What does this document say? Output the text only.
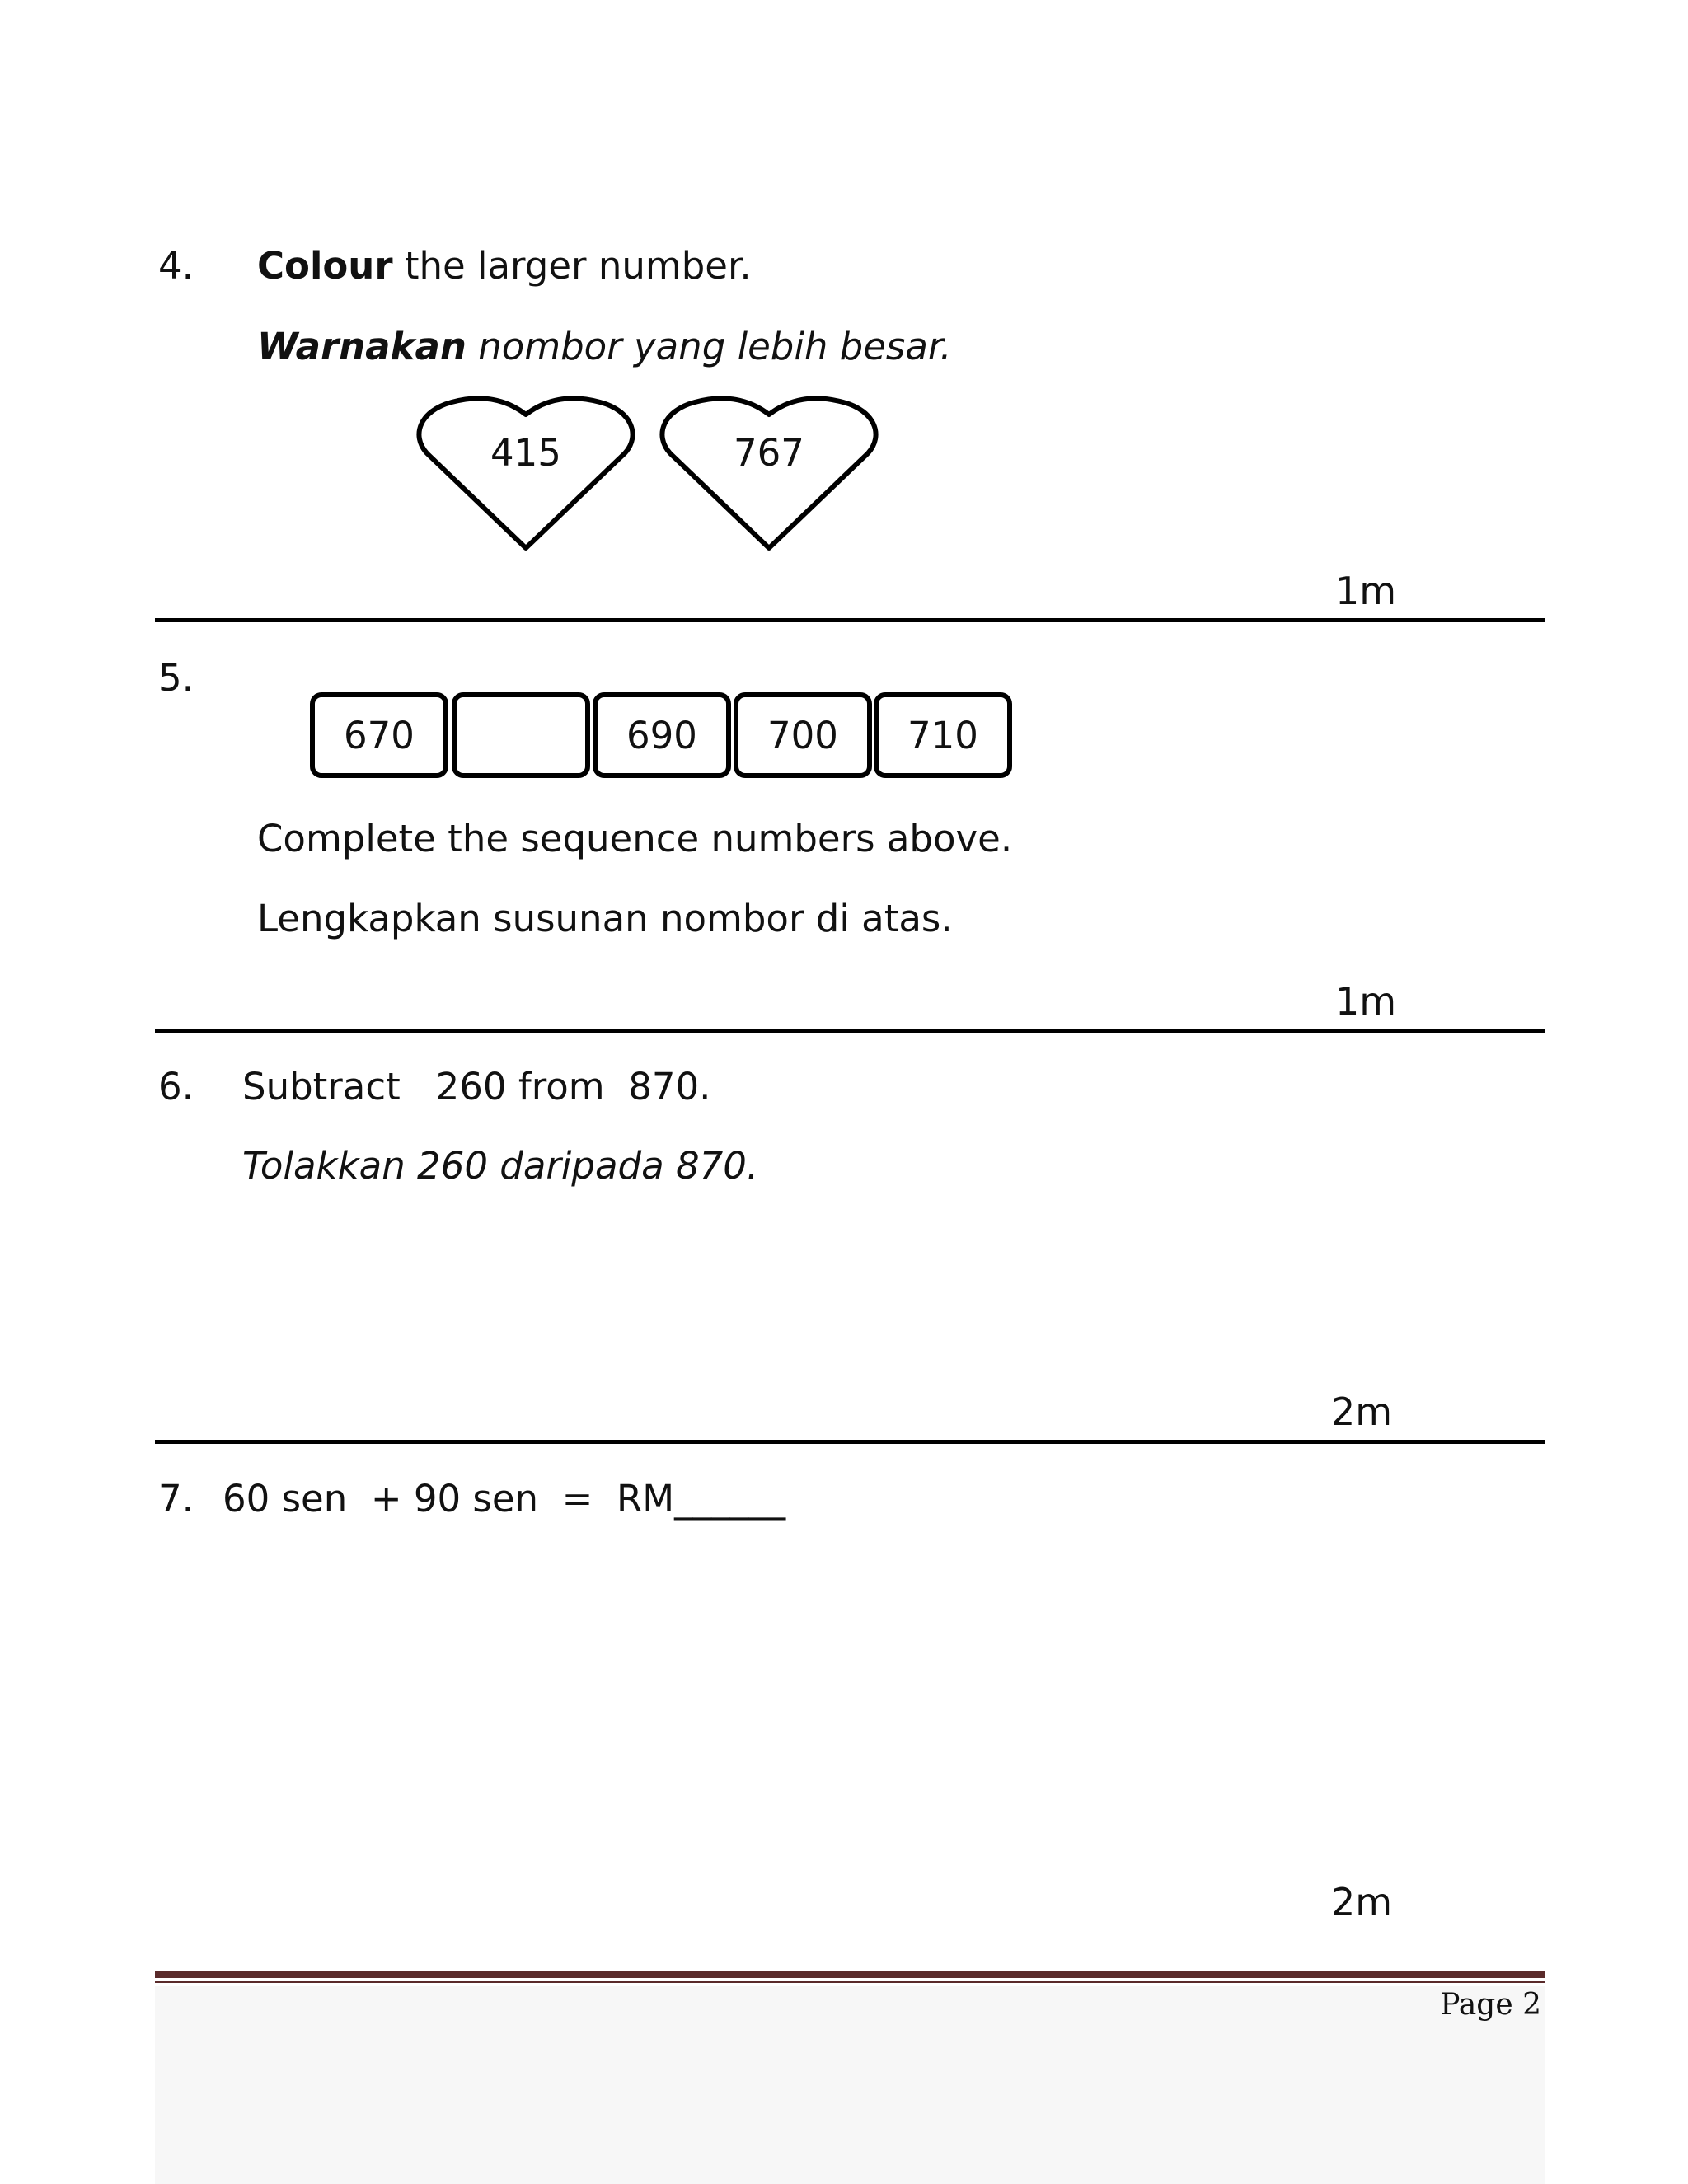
4. Colour the larger number.
Warnakan nombor yang lebih besar.
415	767
1m
5.
670	690	700	710
Complete the sequence numbers above.
Lengkapkan susunan nombor di atas.
1m
6. Subtract   260 from  870.
Tolakkan 260 daripada 870.
2m
7. 60 sen  + 90 sen  =  RM______
2m
Page 2
